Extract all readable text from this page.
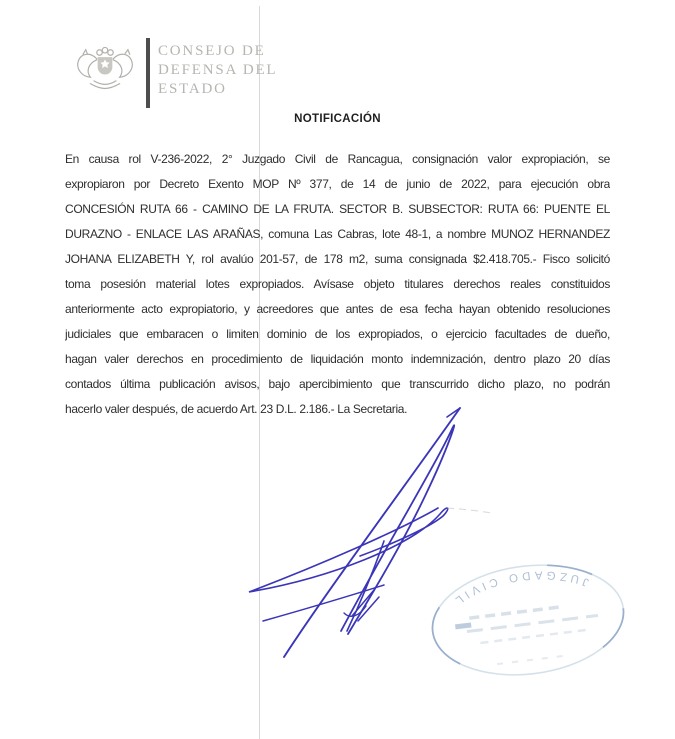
CONSEJO DE
DEFENSA DEL
ESTADO
NOTIFICACIÓN
En causa rol V-236-2022, 2° Juzgado Civil de Rancagua, consignación valor expropiación, se
expropiaron por Decreto Exento MOP Nº 377, de 14 de junio de 2022, para ejecución obra
CONCESIÓN RUTA 66 - CAMINO DE LA FRUTA. SECTOR B. SUBSECTOR: RUTA 66: PUENTE EL
DURAZNO - ENLACE LAS ARAÑAS, comuna Las Cabras, lote 48-1, a nombre MUNOZ HERNANDEZ
JOHANA ELIZABETH Y, rol avalúo 201-57, de 178 m2, suma consignada $2.418.705.- Fisco solicitó
toma posesión material lotes expropiados. Avísase objeto titulares derechos reales constituidos
anteriormente acto expropiatorio, y acreedores que antes de esa fecha hayan obtenido resoluciones
judiciales que embaracen o limiten dominio de los expropiados, o ejercicio facultades de dueño,
hagan valer derechos en procedimiento de liquidación monto indemnización, dentro plazo 20 días
contados última publicación avisos, bajo apercibimiento que transcurrido dicho plazo, no podrán
hacerlo valer después, de acuerdo Art. 23 D.L. 2.186.- La Secretaria.
JUZGADO CIVIL
